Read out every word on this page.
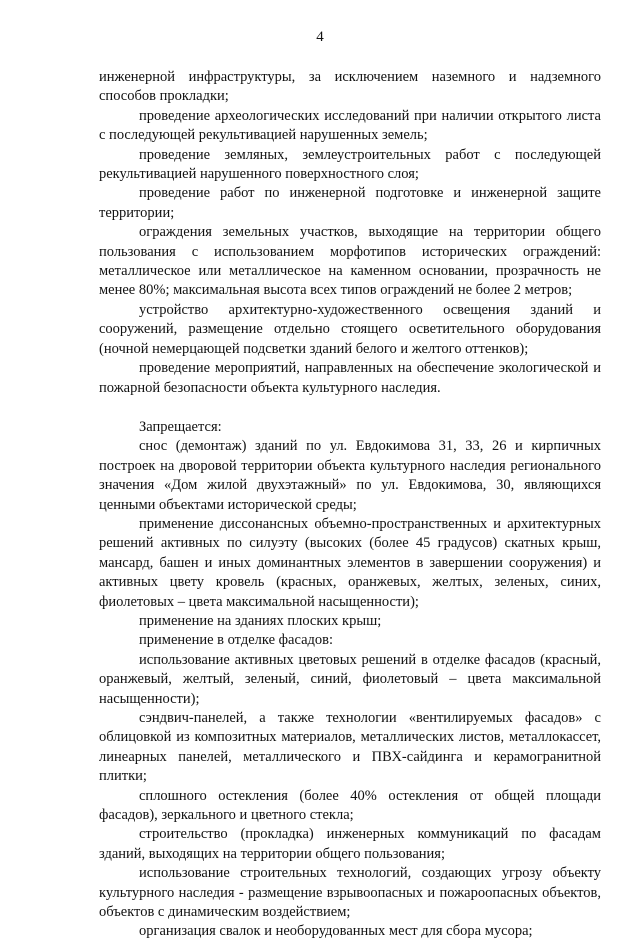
4

инженерной инфраструктуры, за исключением наземного и надземного способов прокладки;

проведение археологических исследований при наличии открытого листа с последующей рекультивацией нарушенных земель;

проведение земляных, землеустроительных работ с последующей рекультивацией нарушенного поверхностного слоя;

проведение работ по инженерной подготовке и инженерной защите территории;

ограждения земельных участков, выходящие на территории общего пользования с использованием морфотипов исторических ограждений: металлическое или металлическое на каменном основании, прозрачность не менее 80%; максимальная высота всех типов ограждений не более 2 метров;

устройство архитектурно-художественного освещения зданий и сооружений, размещение отдельно стоящего осветительного оборудования (ночной немерцающей подсветки зданий белого и желтого оттенков);

проведение мероприятий, направленных на обеспечение экологической и пожарной безопасности объекта культурного наследия.

Запрещается:

снос (демонтаж) зданий по ул. Евдокимова 31, 33, 26 и кирпичных построек на дворовой территории объекта культурного наследия регионального значения «Дом жилой двухэтажный» по ул. Евдокимова, 30, являющихся ценными объектами исторической среды;

применение диссонансных объемно-пространственных и архитектурных решений активных по силуэту (высоких (более 45 градусов) скатных крыш, мансард, башен и иных доминантных элементов в завершении сооружения) и активных цвету кровель (красных, оранжевых, желтых, зеленых, синих, фиолетовых – цвета максимальной насыщенности);

применение на зданиях плоских крыш;

применение в отделке фасадов:

использование активных цветовых решений в отделке фасадов (красный, оранжевый, желтый, зеленый, синий, фиолетовый – цвета максимальной насыщенности);

сэндвич-панелей, а также технологии «вентилируемых фасадов» с облицовкой из композитных материалов, металлических листов, металлокассет, линеарных панелей, металлического и ПВХ-сайдинга и керамогранитной плитки;

сплошного остекления (более 40% остекления от общей площади фасадов), зеркального и цветного стекла;

строительство (прокладка) инженерных коммуникаций по фасадам зданий, выходящих на территории общего пользования;

использование строительных технологий, создающих угрозу объекту культурного наследия - размещение взрывоопасных и пожароопасных объектов, объектов с динамическим воздействием;

организация свалок и необорудованных мест для сбора мусора;
